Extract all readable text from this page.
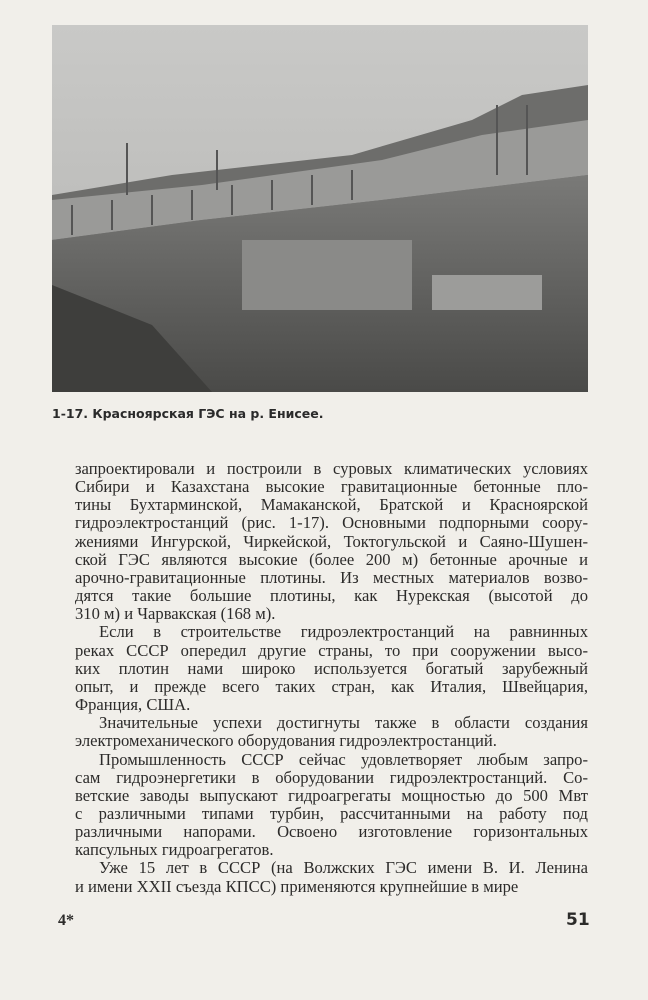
1-17. Красноярская ГЭС на р. Енисее.
запроектировали и построили в суровых климатических условиях
Сибири и Казахстана высокие гравитационные бетонные пло-
тины Бухтарминской, Мамаканской, Братской и Красноярской
гидроэлектростанций (рис. 1-17). Основными подпорными соору-
жениями Ингурской, Чиркейской, Токтогульской и Саяно-Шушен-
ской ГЭС являются высокие (более 200 м) бетонные арочные и
арочно-гравитационные плотины. Из местных материалов возво-
дятся такие большие плотины, как Нурекская (высотой до
310 м) и Чарвакская (168 м).
Если в строительстве гидроэлектростанций на равнинных
реках СССР опередил другие страны, то при сооружении высо-
ких плотин нами широко используется богатый зарубежный
опыт, и прежде всего таких стран, как Италия, Швейцария,
Франция, США.
Значительные успехи достигнуты также в области создания
электромеханического оборудования гидроэлектростанций.
Промышленность СССР сейчас удовлетворяет любым запро-
сам гидроэнергетики в оборудовании гидроэлектростанций. Со-
ветские заводы выпускают гидроагрегаты мощностью до 500 Мвт
с различными типами турбин, рассчитанными на работу под
различными напорами. Освоено изготовление горизонтальных
капсульных гидроагрегатов.
Уже 15 лет в СССР (на Волжских ГЭС имени В. И. Ленина
и имени XXII съезда КПСС) применяются крупнейшие в мире
4*	51
